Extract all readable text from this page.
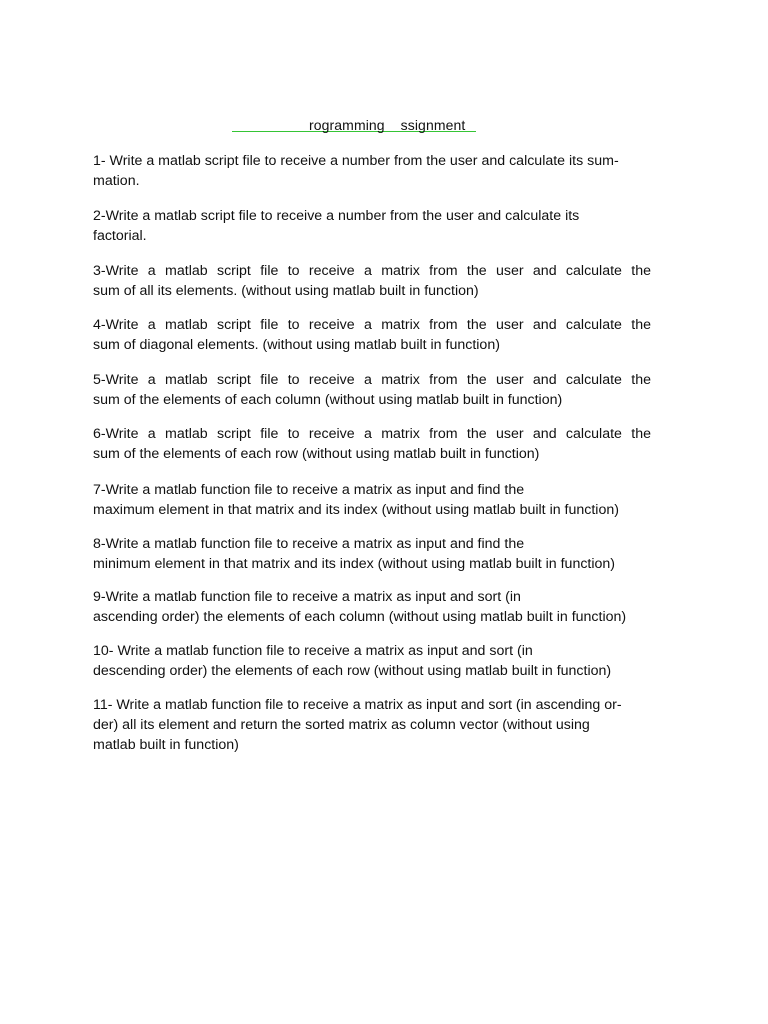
rogramming    ssignment
1- Write a matlab script file to receive a number from the user and calculate its sum-
mation.
2-Write a matlab script file to receive a number from the user and calculate its
factorial.
3-Write a matlab script file to receive a matrix from the user and calculate the
sum of all its elements. (without using matlab built in function)
4-Write a matlab script file to receive a matrix from the user and calculate the
sum of diagonal elements. (without using matlab built in function)
5-Write a matlab script file to receive a matrix from the user and calculate the
sum of the elements of each column (without using matlab built in function)
6-Write a matlab script file to receive a matrix from the user and calculate the
sum of the elements of each row (without using matlab built in function)
7-Write a matlab function file to receive a matrix as input and find the
maximum element in that matrix and its index (without using matlab built in function)
8-Write a matlab function file to receive a matrix as input and find the
minimum element in that matrix and its index (without using matlab built in function)
9-Write a matlab function file to receive a matrix as input and sort (in
ascending order) the elements of each column (without using matlab built in function)
10- Write a matlab function file to receive a matrix as input and sort (in
descending order) the elements of each row (without using matlab built in function)
11- Write a matlab function file to receive a matrix as input and sort (in ascending or-
der) all its element and return the sorted matrix as column vector (without using
matlab built in function)
